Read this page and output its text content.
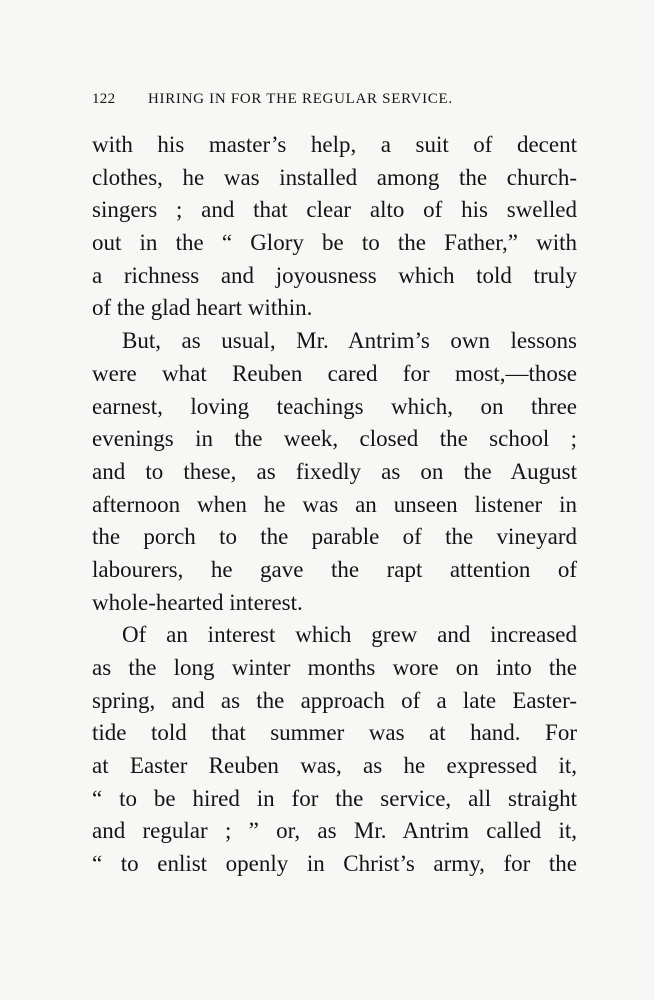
122 HIRING IN FOR THE REGULAR SERVICE.
with his master’s help, a suit of decent
clothes, he was installed among the church-
singers ; and that clear alto of his swelled
out in the “ Glory be to the Father,” with
a richness and joyousness which told truly
of the glad heart within.
But, as usual, Mr. Antrim’s own lessons
were what Reuben cared for most,—those
earnest, loving teachings which, on three
evenings in the week, closed the school ;
and to these, as fixedly as on the August
afternoon when he was an unseen listener in
the porch to the parable of the vineyard
labourers, he gave the rapt attention of
whole-hearted interest.
Of an interest which grew and increased
as the long winter months wore on into the
spring, and as the approach of a late Easter-
tide told that summer was at hand. For
at Easter Reuben was, as he expressed it,
“ to be hired in for the service, all straight
and regular ; ” or, as Mr. Antrim called it,
“ to enlist openly in Christ’s army, for the
